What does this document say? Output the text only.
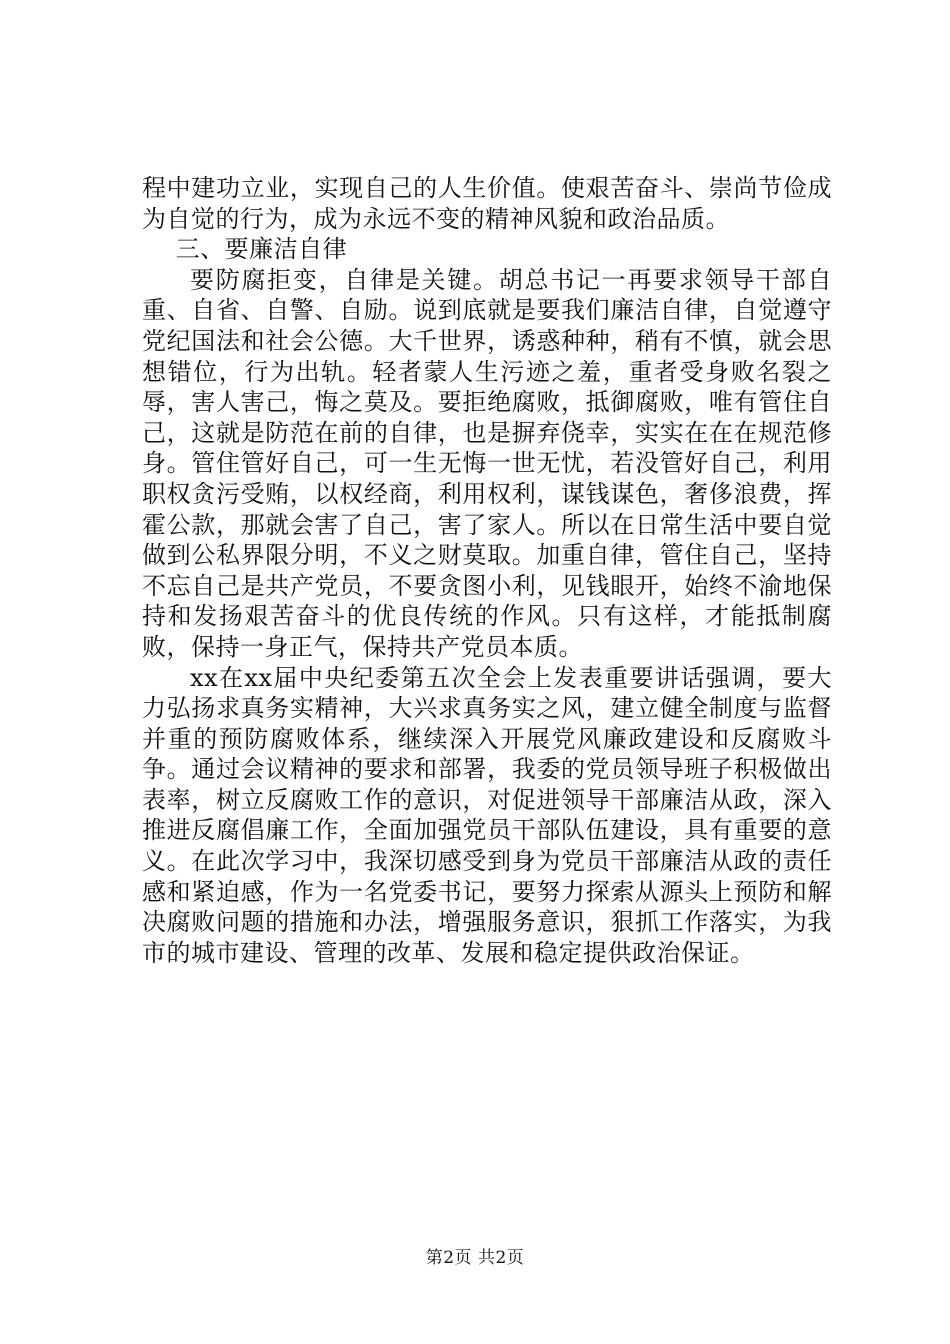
程中建功立业，实现自己的人生价值。使艰苦奋斗、崇尚节俭成为自觉的行为，成为永远不变的精神风貌和政治品质。

三、要廉洁自律

要防腐拒变，自律是关键。胡总书记一再要求领导干部自重、自省、自警、自励。说到底就是要我们廉洁自律，自觉遵守党纪国法和社会公德。大千世界，诱惑种种，稍有不慎，就会思想错位，行为出轨。轻者蒙人生污迹之羞，重者受身败名裂之辱，害人害己，悔之莫及。要拒绝腐败，抵御腐败，唯有管住自己，这就是防范在前的自律，也是摒弃侥幸，实实在在在规范修身。管住管好自己，可一生无悔一世无忧，若没管好自己，利用职权贪污受贿，以权经商，利用权利，谋钱谋色，奢侈浪费，挥霍公款，那就会害了自己，害了家人。所以在日常生活中要自觉做到公私界限分明，不义之财莫取。加重自律，管住自己，坚持不忘自己是共产党员，不要贪图小利，见钱眼开，始终不渝地保持和发扬艰苦奋斗的优良传统的作风。只有这样，才能抵制腐败，保持一身正气，保持共产党员本质。

xx在xx届中央纪委第五次全会上发表重要讲话强调，要大力弘扬求真务实精神，大兴求真务实之风，建立健全制度与监督并重的预防腐败体系，继续深入开展党风廉政建设和反腐败斗争。通过会议精神的要求和部署，我委的党员领导班子积极做出表率，树立反腐败工作的意识，对促进领导干部廉洁从政，深入推进反腐倡廉工作，全面加强党员干部队伍建设，具有重要的意义。在此次学习中，我深切感受到身为党员干部廉洁从政的责任感和紧迫感，作为一名党委书记，要努力探索从源头上预防和解决腐败问题的措施和办法，增强服务意识，狠抓工作落实，为我市的城市建设、管理的改革、发展和稳定提供政治保证。

第2页 共2页
